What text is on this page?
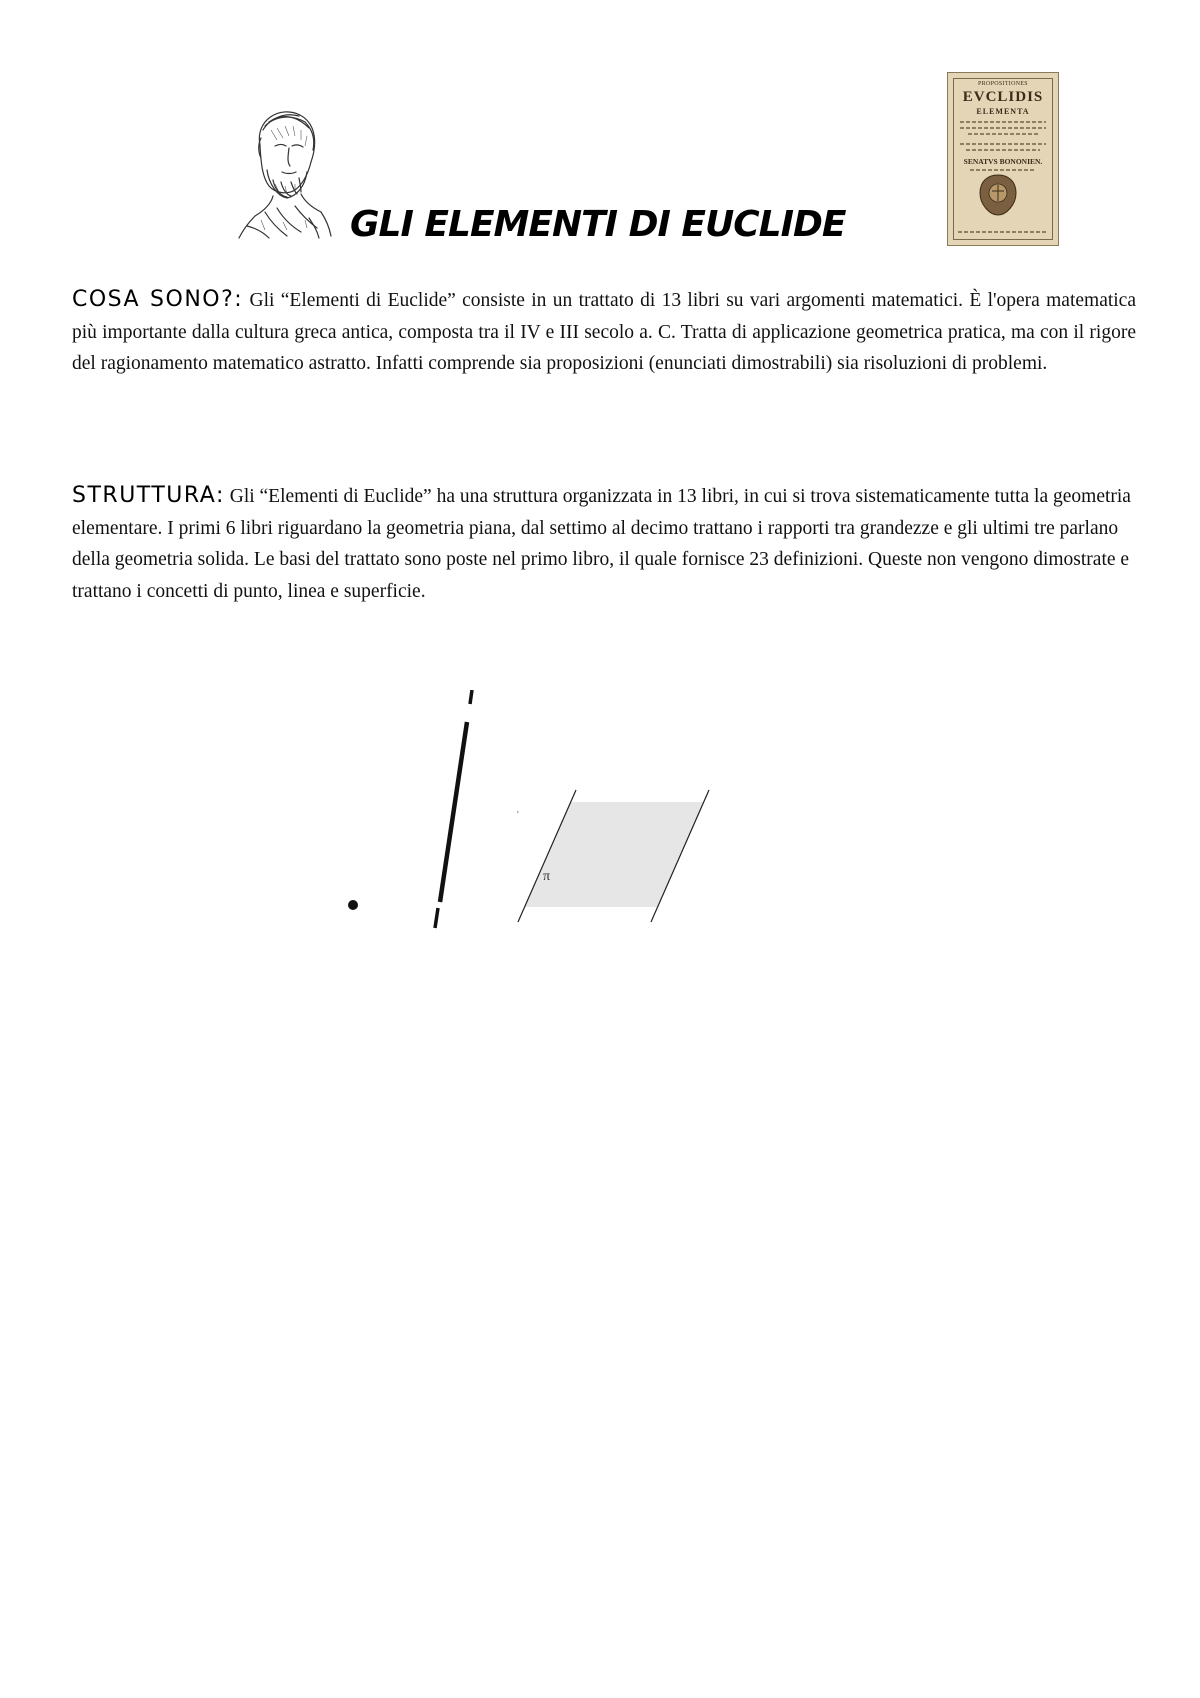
PROPOSITIONES
EVCLIDIS
ELEMENTA
SENATVS BONONIEN.
GLI ELEMENTI DI EUCLIDE

COSA SONO?: Gli “Elementi di Euclide” consiste in un trattato di 13 libri su vari argomenti matematici. È l'opera matematica più importante dalla cultura greca antica, composta tra il IV e III secolo a. C. Tratta di applicazione geometrica pratica, ma con il rigore del ragionamento matematico astratto. Infatti comprende sia proposizioni (enunciati dimostrabili) sia risoluzioni di problemi.

STRUTTURA: Gli “Elementi di Euclide” ha una struttura organizzata in 13 libri, in cui si trova sistematicamente tutta la geometria elementare. I primi 6 libri riguardano la geometria piana, dal settimo al decimo trattano i rapporti tra grandezze e gli ultimi tre parlano della geometria solida. Le basi del trattato sono poste nel primo libro, il quale fornisce 23 definizioni. Queste non vengono dimostrate e trattano i concetti di punto, linea e superficie.

π
'
